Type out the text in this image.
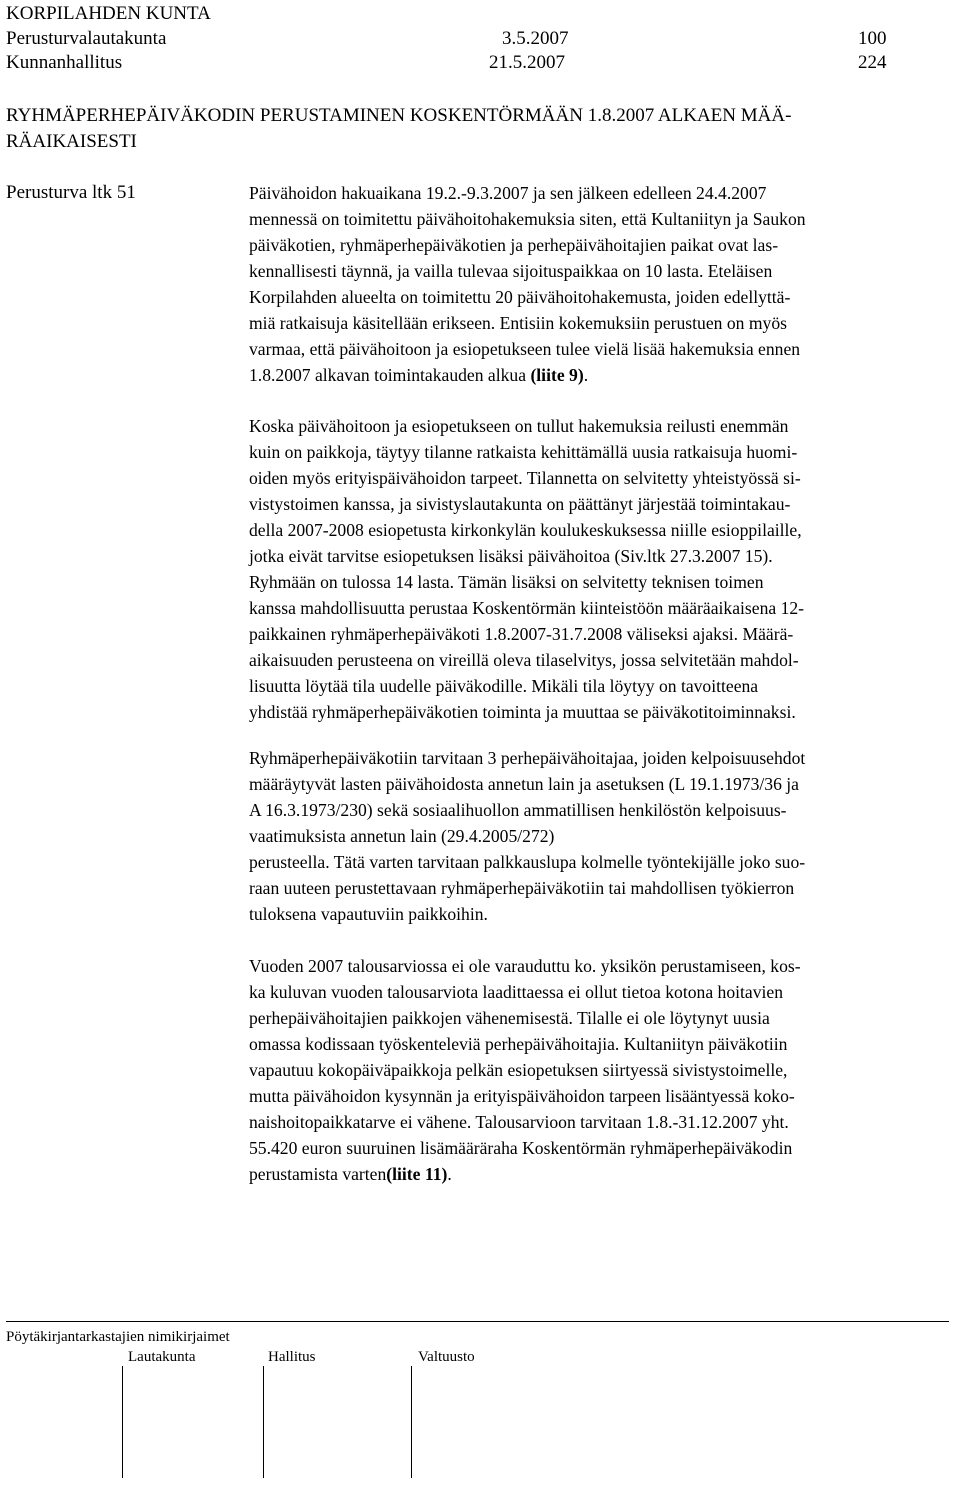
KORPILAHDEN KUNTA
Perusturvalautakunta	3.5.2007	100
Kunnanhallitus	21.5.2007	224
RYHMÄPERHEPÄIVÄKODIN PERUSTAMINEN KOSKENTÖRMÄÄN 1.8.2007 ALKAEN MÄÄ-
RÄAIKAISESTI
Perusturva ltk 51	Päivähoidon hakuaikana 19.2.-9.3.2007 ja sen jälkeen edelleen 24.4.2007
mennessä on toimitettu päivähoitohakemuksia siten, että Kultaniityn ja Saukon
päiväkotien, ryhmäperhepäiväkotien ja perhepäivähoitajien paikat ovat las-
kennallisesti täynnä, ja vailla tulevaa sijoituspaikkaa on 10 lasta. Eteläisen
Korpilahden alueelta on toimitettu 20 päivähoitohakemusta, joiden edellyttä-
miä ratkaisuja käsitellään erikseen. Entisiin kokemuksiin perustuen on myös
varmaa, että päivähoitoon ja esiopetukseen tulee vielä lisää hakemuksia ennen
1.8.2007 alkavan toimintakauden alkua (liite 9).
Koska päivähoitoon ja esiopetukseen on tullut hakemuksia reilusti enemmän
kuin on paikkoja, täytyy tilanne ratkaista kehittämällä uusia ratkaisuja huomi-
oiden myös erityispäivähoidon tarpeet. Tilannetta on selvitetty yhteistyössä si-
vistystoimen kanssa, ja sivistyslautakunta on päättänyt järjestää toimintakau-
della 2007-2008 esiopetusta kirkonkylän koulukeskuksessa niille esioppilaille,
jotka eivät tarvitse esiopetuksen lisäksi päivähoitoa (Siv.ltk 27.3.2007 15).
Ryhmään on tulossa 14 lasta. Tämän lisäksi on selvitetty teknisen toimen
kanssa mahdollisuutta perustaa Koskentörmän kiinteistöön määräaikaisena 12-
paikkainen ryhmäperhepäiväkoti 1.8.2007-31.7.2008 väliseksi ajaksi. Määrä-
aikaisuuden perusteena on vireillä oleva tilaselvitys, jossa selvitetään mahdol-
lisuutta löytää tila uudelle päiväkodille. Mikäli tila löytyy on tavoitteena
yhdistää ryhmäperhepäiväkotien toiminta ja muuttaa se päiväkotitoiminnaksi.
Ryhmäperhepäiväkotiin tarvitaan 3 perhepäivähoitajaa, joiden kelpoisuusehdot
määräytyvät lasten päivähoidosta annetun lain ja asetuksen (L 19.1.1973/36 ja
A 16.3.1973/230) sekä sosiaalihuollon ammatillisen henkilöstön kelpoisuus-
vaatimuksista annetun lain (29.4.2005/272)
perusteella. Tätä varten tarvitaan palkkauslupa kolmelle työntekijälle joko suo-
raan uuteen perustettavaan ryhmäperhepäiväkotiin tai mahdollisen työkierron
tuloksena vapautuviin paikkoihin.
Vuoden 2007 talousarviossa ei ole varauduttu ko. yksikön perustamiseen, kos-
ka kuluvan vuoden talousarviota laadittaessa ei ollut tietoa kotona hoitavien
perhepäivähoitajien paikkojen vähenemisestä. Tilalle ei ole löytynyt uusia
omassa kodissaan työskenteleviä perhepäivähoitajia. Kultaniityn päiväkotiin
vapautuu kokopäiväpaikkoja pelkän esiopetuksen siirtyessä sivistystoimelle,
mutta päivähoidon kysynnän ja erityispäivähoidon tarpeen lisääntyessä koko-
naishoitopaikkatarve ei vähene. Talousarvioon tarvitaan 1.8.-31.12.2007 yht.
55.420 euron suuruinen lisämääräraha Koskentörmän ryhmäperhepäiväkodin
perustamista varten(liite 11).
Pöytäkirjantarkastajien nimikirjaimet
Lautakunta	Hallitus	Valtuusto
